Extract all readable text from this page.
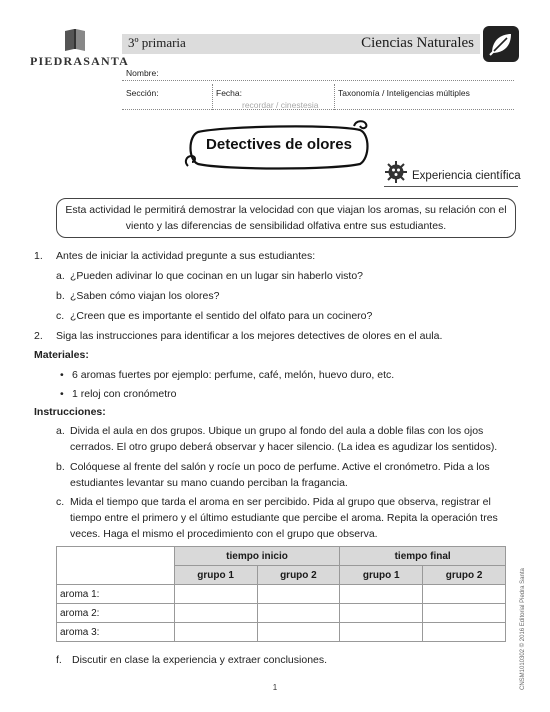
PIEDRASANTA
3º primaria	Ciencias Naturales
Nombre:
Sección:	Fecha:	Taxonomía / Inteligencias múltiples
recordar / cinestesia
Detectives de olores
Experiencia científica
Esta actividad le permitirá demostrar la velocidad con que viajan los aromas, su relación con el viento y las diferencias de sensibilidad olfativa entre sus estudiantes.
1. Antes de iniciar la actividad pregunte a sus estudiantes:
a. ¿Pueden adivinar lo que cocinan en un lugar sin haberlo visto?
b. ¿Saben cómo viajan los olores?
c. ¿Creen que es importante el sentido del olfato para un cocinero?
2. Siga las instrucciones para identificar a los mejores detectives de olores en el aula.
Materiales:
• 6 aromas fuertes por ejemplo: perfume, café, melón, huevo duro, etc.
• 1 reloj con cronómetro
Instrucciones:
a. Divida el aula en dos grupos. Ubique un grupo al fondo del aula a doble filas con los ojos cerrados. El otro grupo deberá observar y hacer silencio. (La idea es agudizar los sentidos).
b. Colóquese al frente del salón y rocíe un poco de perfume. Active el cronómetro. Pida a los estudiantes levantar su mano cuando perciban la fragancia.
c. Mida el tiempo que tarda el aroma en ser percibido. Pida al grupo que observa, registrar el tiempo entre el primero y el último estudiante que percibe el aroma. Repita la operación tres veces. Haga el mismo el procedimiento con el grupo que observa.
	tiempo inicio		tiempo final	
	grupo 1	grupo 2	grupo 1	grupo 2
aroma 1:				
aroma 2:				
aroma 3:				
f. Discutir en clase la experiencia y extraer conclusiones.	CNSM1010302 © 2016 Editorial Piedra Santa
1
